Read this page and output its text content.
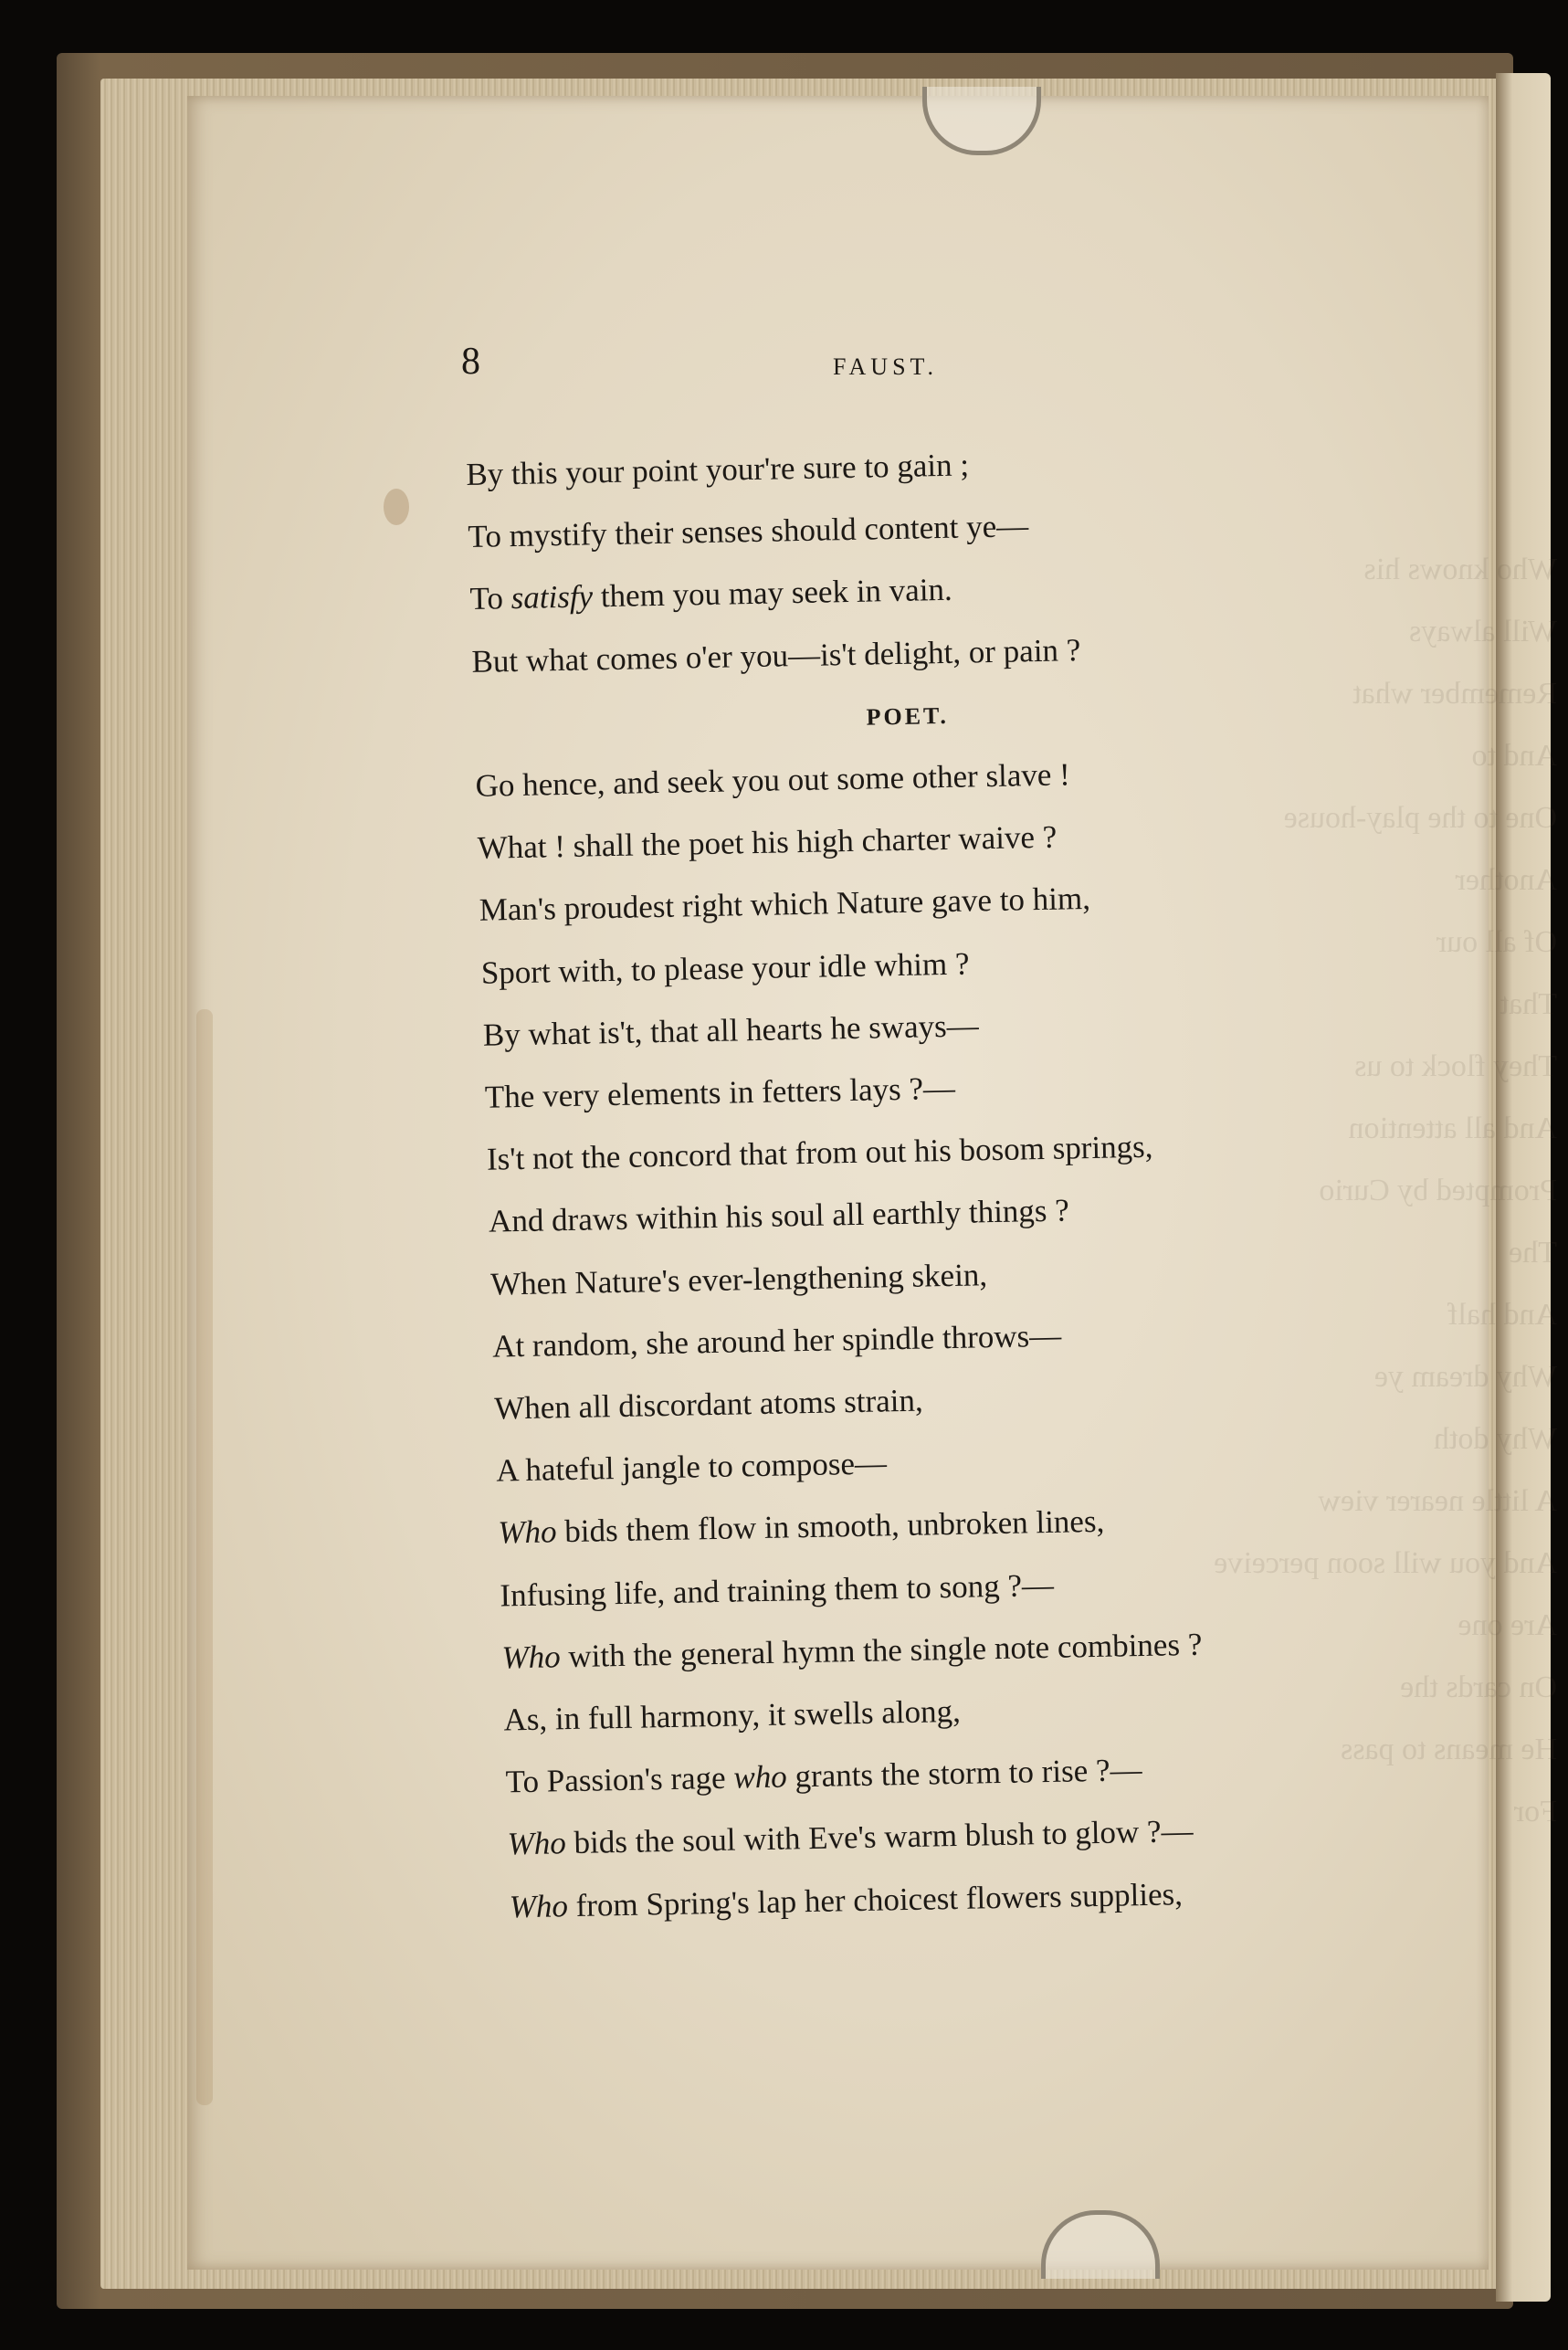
Who knows his
Will always
Remember what
And to
One to the play-house
Another
Of all our
That
They flock to us
And all attention
Prompted by Curio
The
And half
Why dream ye
Why doth
A little nearer view
And you will soon perceive
Are one
On cards the
He means to pass
For
8	FAUST.
By this your point your're sure to gain ;
To mystify their senses should content ye—
To satisfy them you may seek in vain.
But what comes o'er you—is't delight, or pain ?
POET.
Go hence, and seek you out some other slave !
What ! shall the poet his high charter waive ?
Man's proudest right which Nature gave to him,
Sport with, to please your idle whim ?
By what is't, that all hearts he sways—
The very elements in fetters lays ?—
Is't not the concord that from out his bosom springs,
And draws within his soul all earthly things ?
When Nature's ever-lengthening skein,
At random, she around her spindle throws—
When all discordant atoms strain,
A hateful jangle to compose—
Who bids them flow in smooth, unbroken lines,
Infusing life, and training them to song ?—
Who with the general hymn the single note combines ?
As, in full harmony, it swells along,
To Passion's rage who grants the storm to rise ?—
Who bids the soul with Eve's warm blush to glow ?—
Who from Spring's lap her choicest flowers supplies,
